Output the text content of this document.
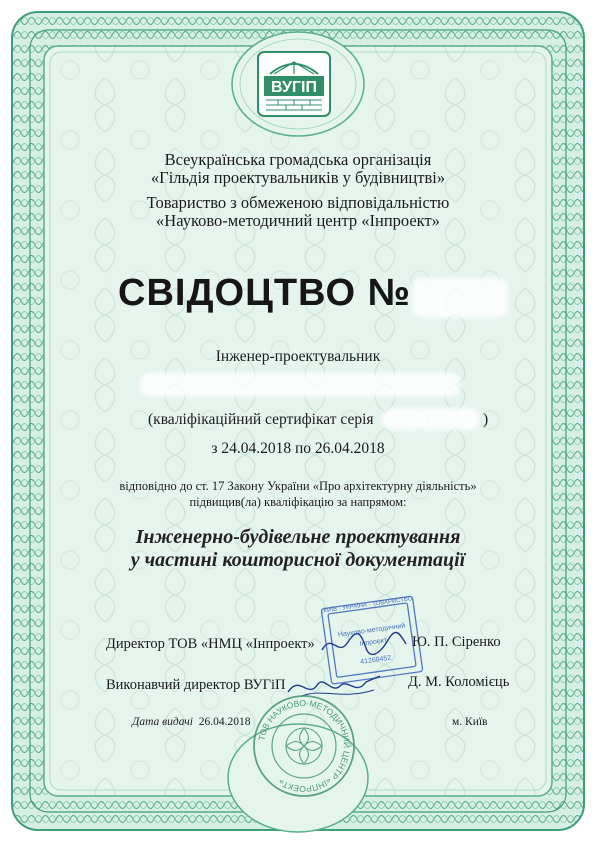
ВУГІП
Всеукраїнська громадська організація
«Гільдія проектувальників у будівництві»
Товариство з обмеженою відповідальністю
«Науково-методичний центр «Інпроект»
СВІДОЦТВО №
Інженер-проектувальник
(кваліфікаційний сертифікат серія	)
з 24.04.2018 по 26.04.2018
відповідно до ст. 17 Закону України «Про архітектурну діяльність»
підвищив(ла) кваліфікацію за напрямом:
Інженерно-будівельне проектування
у частині кошторисної документації
КИЇВ · УКРАЇНА · ТОВАРИСТВО
Науково-методичний
Інпроект
41260452
Директор ТОВ «НМЦ «Інпроект»	Ю. П. Сіренко
Виконавчий директор ВУГіП	Д. М. Коломієць
Дата видачі 26.04.2018	м. Київ
ТОВ НАУКОВО-МЕТОДИЧНИЙ ЦЕНТР «ІНПРОЕКТ»
